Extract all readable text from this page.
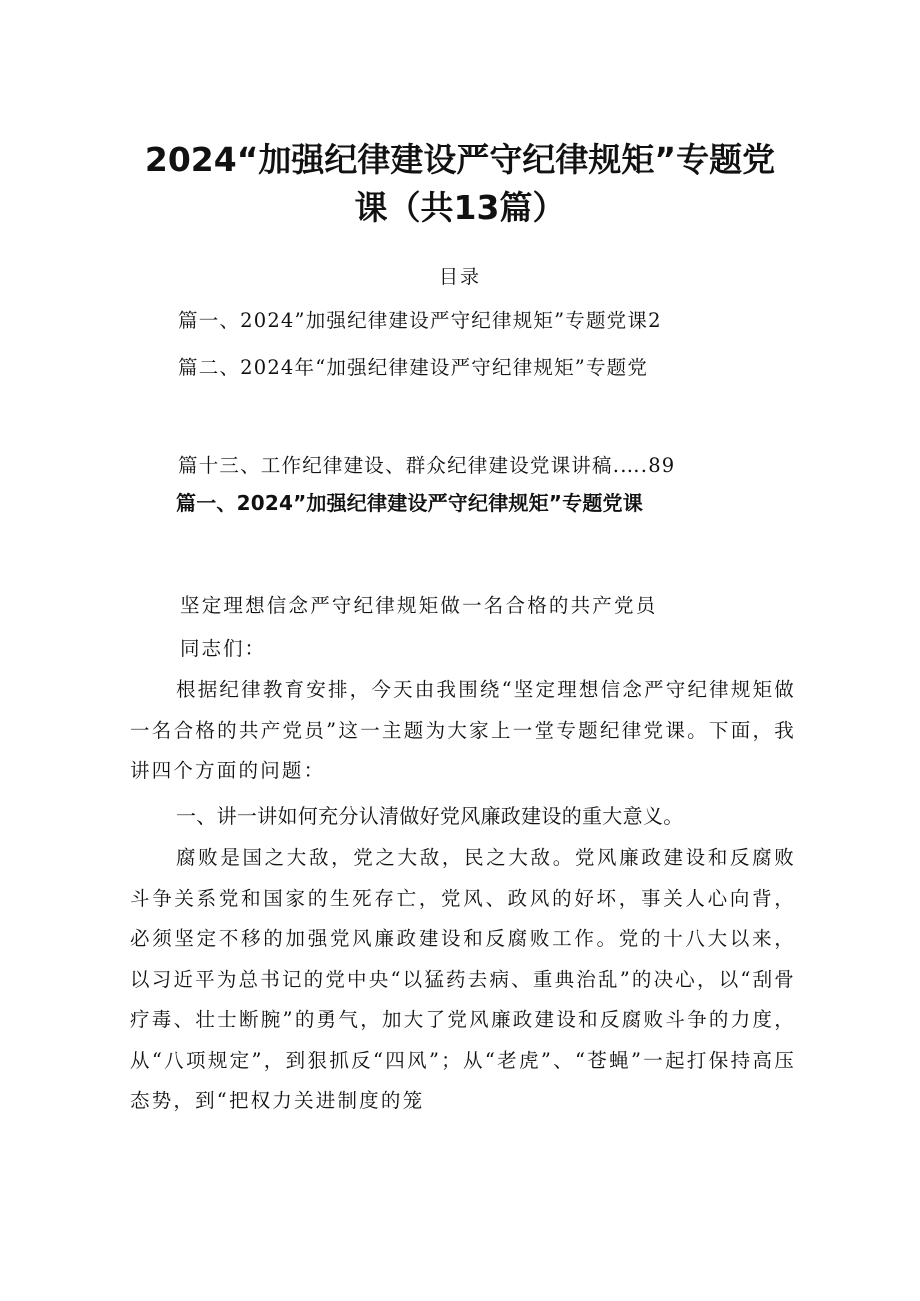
2024“加强纪律建设严守纪律规矩”专题党
课（共13篇）
目录
篇一、2024”加强纪律建设严守纪律规矩”专题党课2
篇二、2024年“加强纪律建设严守纪律规矩”专题党
篇十三、工作纪律建设、群众纪律建设党课讲稿.….89
篇一、2024”加强纪律建设严守纪律规矩”专题党课
坚定理想信念严守纪律规矩做一名合格的共产党员
同志们：

根据纪律教育安排，今天由我围绕“坚定理想信念严守纪律规矩做一名合格的共产党员”这一主题为大家上一堂专题纪律党课。下面，我讲四个方面的问题：

一、讲一讲如何充分认清做好党风廉政建设的重大意义。

腐败是国之大敌，党之大敌，民之大敌。党风廉政建设和反腐败斗争关系党和国家的生死存亡，党风、政风的好坏，事关人心向背，必须坚定不移的加强党风廉政建设和反腐败工作。党的十八大以来，以习近平为总书记的党中央“以猛药去病、重典治乱”的决心，以“刮骨疗毒、壮士断腕”的勇气，加大了党风廉政建设和反腐败斗争的力度，从“八项规定”，到狠抓反“四风”；从“老虎”、“苍蝇”一起打保持高压态势，到“把权力关进制度的笼
